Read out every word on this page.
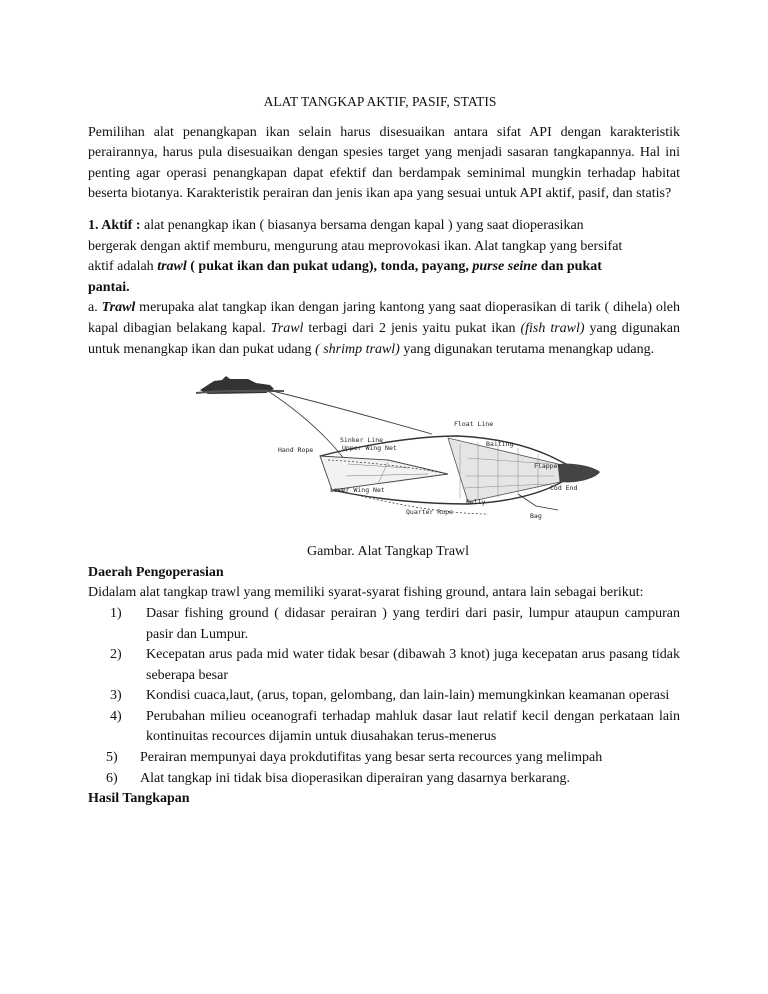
ALAT TANGKAP AKTIF, PASIF, STATIS

Pemilihan alat penangkapan ikan selain harus disesuaikan antara sifat API dengan karakteristik perairannya, harus pula disesuaikan dengan spesies target yang menjadi sasaran tangkapannya. Hal ini penting agar operasi penangkapan dapat efektif dan berdampak seminimal mungkin terhadap habitat beserta biotanya. Karakteristik perairan dan jenis ikan apa yang sesuai untuk API aktif, pasif, dan statis?

1. Aktif : alat penangkap ikan ( biasanya bersama dengan kapal ) yang saat dioperasikan
bergerak dengan aktif memburu, mengurung atau meprovokasi ikan. Alat tangkap yang bersifat
aktif adalah trawl ( pukat ikan dan pukat udang), tonda, payang, purse seine dan pukat
pantai.

a. Trawl merupaka alat tangkap ikan dengan jaring kantong yang saat dioperasikan di tarik ( dihela) oleh kapal dibagian belakang kapal. Trawl terbagi dari 2 jenis yaitu pukat ikan (fish trawl) yang digunakan untuk menangkap ikan dan pukat udang ( shrimp trawl) yang digunakan terutama menangkap udang.

Float Line
Sinker Line
Upper Wing Net
Hand Rope
Baiting
Flapper
Cod End
Lower Wing Net
Belly
Quarter Rope	Bag

Gambar. Alat Tangkap Trawl

Daerah Pengoperasian

Didalam alat tangkap trawl yang memiliki syarat-syarat fishing ground, antara lain sebagai berikut:

1) Dasar fishing ground ( didasar perairan ) yang terdiri dari pasir, lumpur ataupun campuran pasir dan Lumpur.
2) Kecepatan arus pada mid water tidak besar (dibawah 3 knot) juga kecepatan arus pasang tidak seberapa besar
3) Kondisi cuaca,laut, (arus, topan, gelombang, dan lain-lain) memungkinkan keamanan operasi
4) Perubahan milieu oceanografi terhadap mahluk dasar laut relatif kecil dengan perkataan lain kontinuitas recources dijamin untuk diusahakan terus-menerus
5) Perairan mempunyai daya prokdutifitas yang besar serta recources yang melimpah
6) Alat tangkap ini tidak bisa dioperasikan diperairan yang dasarnya berkarang.

Hasil Tangkapan
